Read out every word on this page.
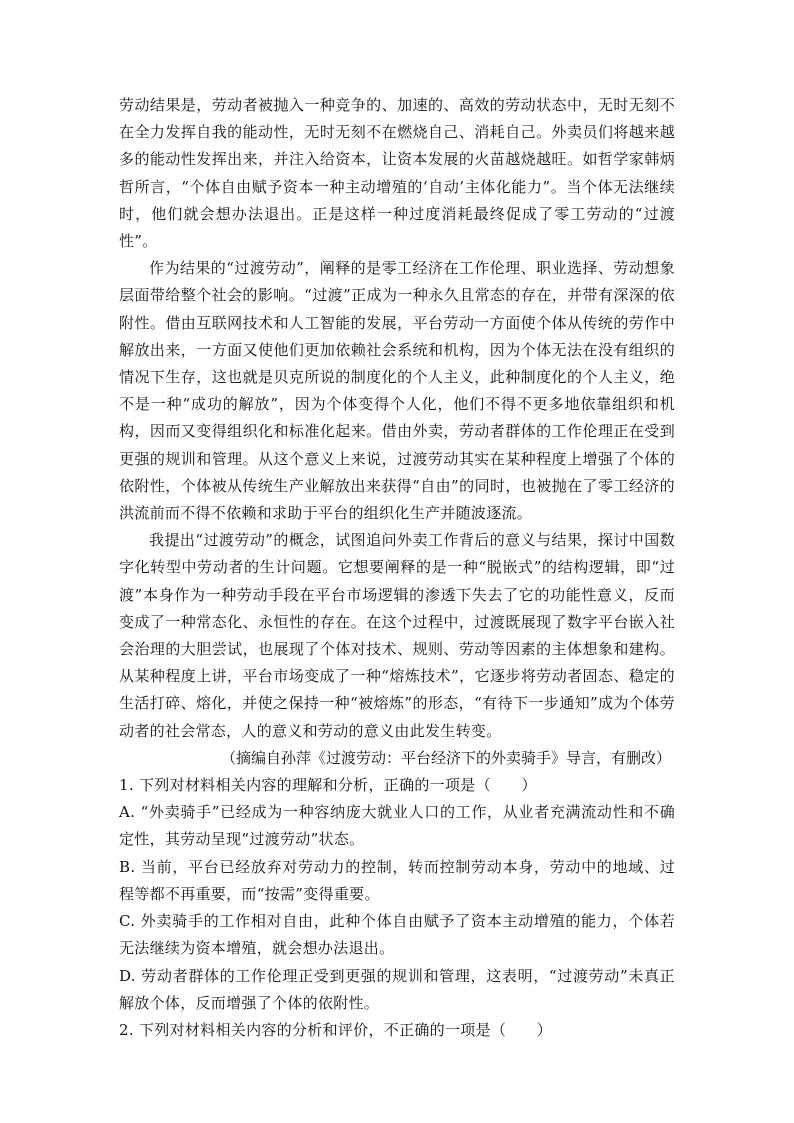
劳动结果是，劳动者被抛入一种竞争的、加速的、高效的劳动状态中，无时无刻不在全力发挥自我的能动性，无时无刻不在燃烧自己、消耗自己。外卖员们将越来越多的能动性发挥出来，并注入给资本，让资本发展的火苗越烧越旺。如哲学家韩炳哲所言，“个体自由赋予资本一种主动增殖的‘自动’主体化能力”。当个体无法继续时，他们就会想办法退出。正是这样一种过度消耗最终促成了零工劳动的“过渡性”。

作为结果的“过渡劳动”，阐释的是零工经济在工作伦理、职业选择、劳动想象层面带给整个社会的影响。“过渡”正成为一种永久且常态的存在，并带有深深的依附性。借由互联网技术和人工智能的发展，平台劳动一方面使个体从传统的劳作中解放出来，一方面又使他们更加依赖社会系统和机构，因为个体无法在没有组织的情况下生存，这也就是贝克所说的制度化的个人主义，此种制度化的个人主义，绝不是一种“成功的解放”，因为个体变得个人化，他们不得不更多地依靠组织和机构，因而又变得组织化和标准化起来。借由外卖，劳动者群体的工作伦理正在受到更强的规训和管理。从这个意义上来说，过渡劳动其实在某种程度上增强了个体的依附性，个体被从传统生产业解放出来获得“自由”的同时，也被抛在了零工经济的洪流前而不得不依赖和求助于平台的组织化生产并随波逐流。

我提出“过渡劳动”的概念，试图追问外卖工作背后的意义与结果，探讨中国数字化转型中劳动者的生计问题。它想要阐释的是一种“脱嵌式”的结构逻辑，即“过渡”本身作为一种劳动手段在平台市场逻辑的渗透下失去了它的功能性意义，反而变成了一种常态化、永恒性的存在。在这个过程中，过渡既展现了数字平台嵌入社会治理的大胆尝试，也展现了个体对技术、规则、劳动等因素的主体想象和建构。从某种程度上讲，平台市场变成了一种“熔炼技术”，它逐步将劳动者固态、稳定的生活打碎、熔化，并使之保持一种“被熔炼”的形态，“有待下一步通知”成为个体劳动者的社会常态，人的意义和劳动的意义由此发生转变。

（摘编自孙萍《过渡劳动：平台经济下的外卖骑手》导言，有删改）

1. 下列对材料相关内容的理解和分析，正确的一项是（　　）

A. “外卖骑手”已经成为一种容纳庞大就业人口的工作，从业者充满流动性和不确定性，其劳动呈现“过渡劳动”状态。

B. 当前，平台已经放弃对劳动力的控制，转而控制劳动本身，劳动中的地域、过程等都不再重要，而“按需”变得重要。

C. 外卖骑手的工作相对自由，此种个体自由赋予了资本主动增殖的能力，个体若无法继续为资本增殖，就会想办法退出。

D. 劳动者群体的工作伦理正受到更强的规训和管理，这表明，“过渡劳动”未真正解放个体，反而增强了个体的依附性。

2. 下列对材料相关内容的分析和评价，不正确的一项是（　　）
